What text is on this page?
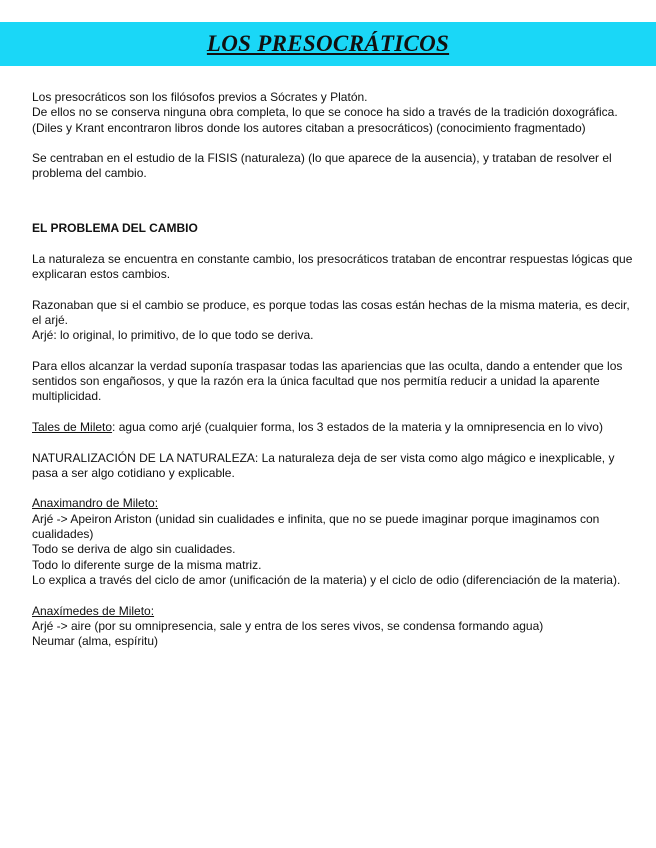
LOS PRESOCRÁTICOS

Los presocráticos son los filósofos previos a Sócrates y Platón.

De ellos no se conserva ninguna obra completa, lo que se conoce ha sido a través de la tradición doxográfica.

(Diles y Krant encontraron libros donde los autores citaban a presocráticos) (conocimiento fragmentado)

Se centraban en el estudio de la FISIS (naturaleza) (lo que aparece de la ausencia), y trataban de resolver el problema del cambio.

EL PROBLEMA DEL CAMBIO

La naturaleza se encuentra en constante cambio, los presocráticos trataban de encontrar respuestas lógicas que explicaran estos cambios.

Razonaban que si el cambio se produce, es porque todas las cosas están hechas de la misma materia, es decir, el arjé.

Arjé: lo original, lo primitivo, de lo que todo se deriva.

Para ellos alcanzar la verdad suponía traspasar todas las apariencias que las oculta, dando a entender que los sentidos son engañosos, y que la razón era la única facultad que nos permitía reducir a unidad la aparente multiplicidad.

Tales de Mileto: agua como arjé (cualquier forma, los 3 estados de la materia y la omnipresencia en lo vivo)

NATURALIZACIÓN DE LA NATURALEZA: La naturaleza deja de ser vista como algo mágico e inexplicable, y pasa a ser algo cotidiano y explicable.

Anaximandro de Mileto:

Arjé -> Apeiron Ariston (unidad sin cualidades e infinita, que no se puede imaginar porque imaginamos con cualidades)

Todo se deriva de algo sin cualidades.

Todo lo diferente surge de la misma matriz.

Lo explica a través del ciclo de amor (unificación de la materia) y el ciclo de odio (diferenciación de la materia).

Anaxímedes de Mileto:

Arjé -> aire (por su omnipresencia, sale y entra de los seres vivos, se condensa formando agua)

Neumar (alma, espíritu)
